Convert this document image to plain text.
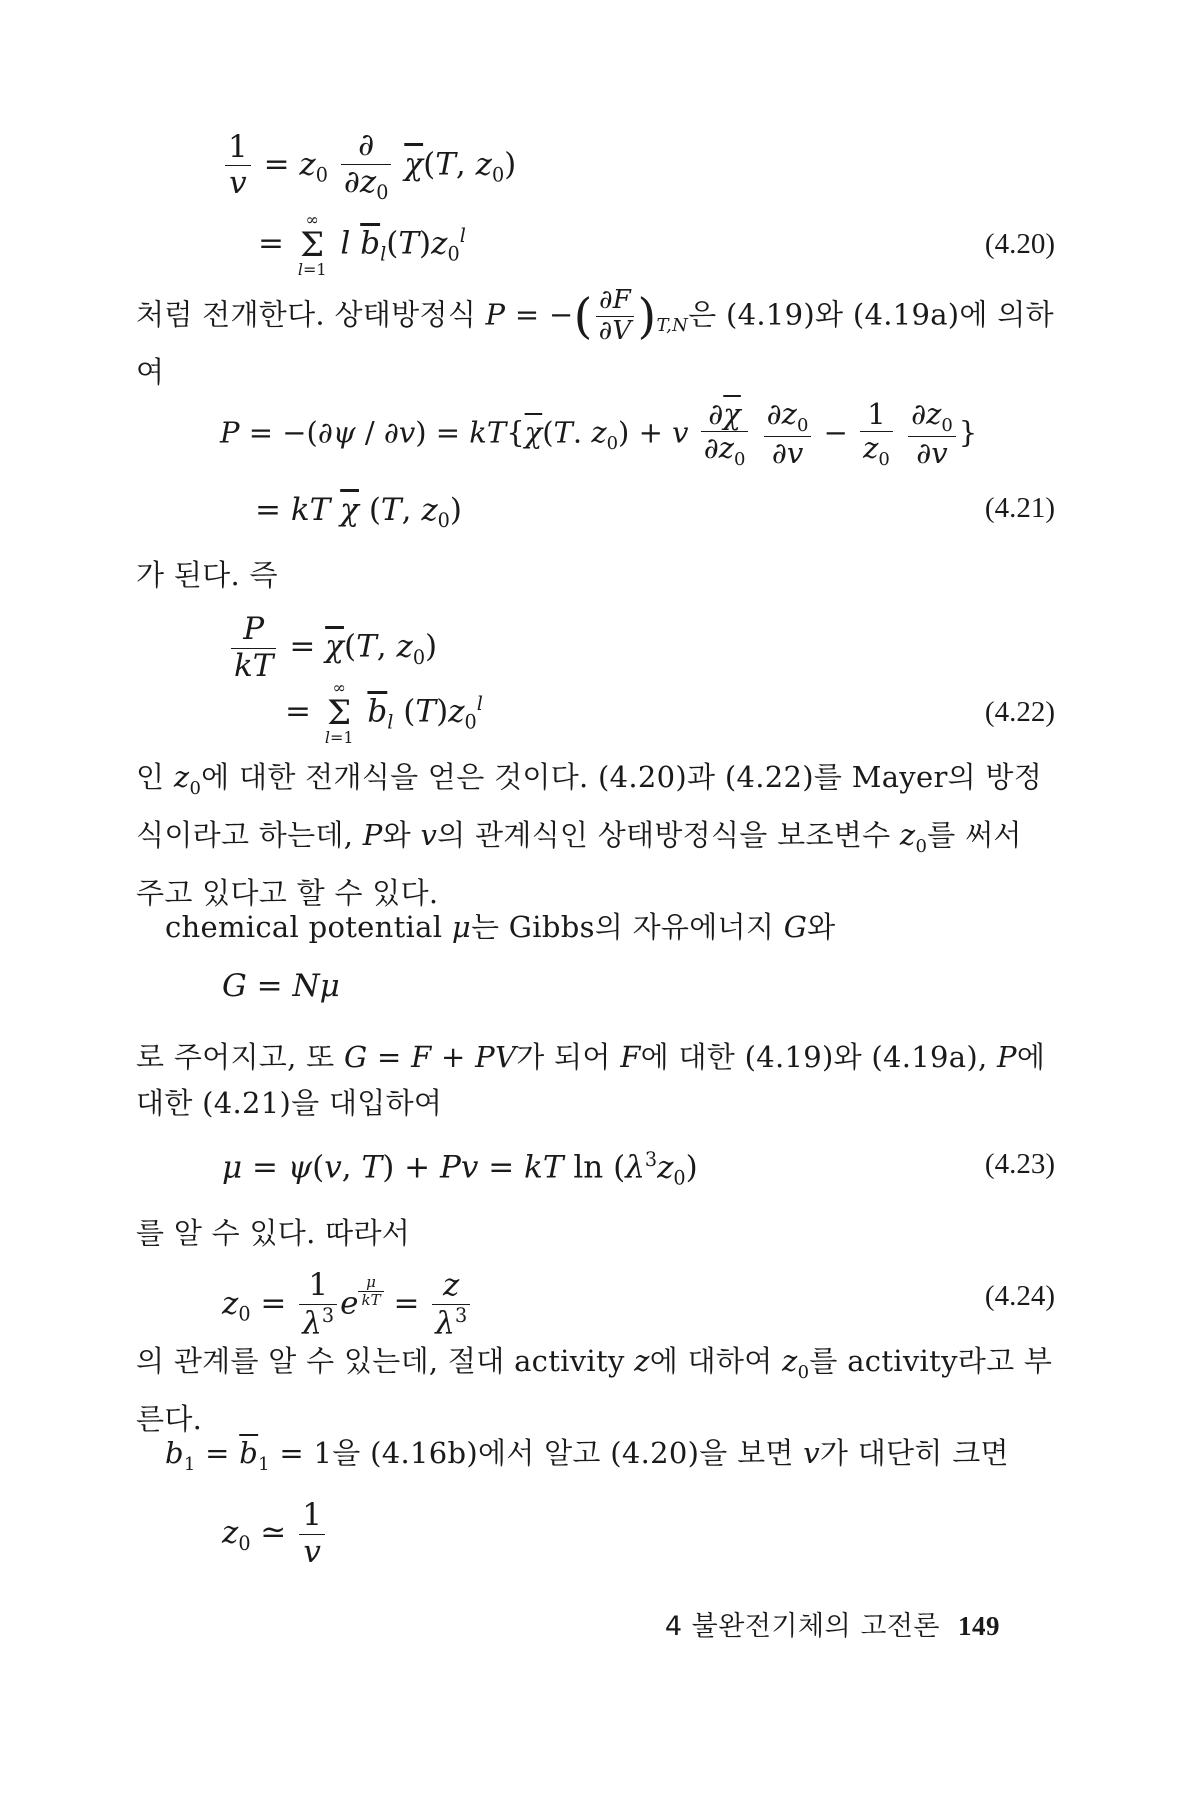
$\frac{1}{v} = z_0 \frac{\partial}{\partial z_0} \overline{\chi}(T$, $z_0$)
= ∞
Σ
l=1 l $\overline{b}_l(T)z_0^l$	(4.20)
처럼 전개한다. 상태방정식 P = −( $\frac{\partial F}{\partial V} )_{T,N}$은 (4.19)와 (4.19a)에 의하여
$P = -(\partial\psi / \partial v) = kT\{\overline{\chi}(T$. $z_0) + v \frac{\partial\overline{\chi}}{\partial z_0}$
$\frac{\partial z_0}{\partial v} - \frac{1}{z_0}$
$\frac{\partial z_0}{\partial v}$ }
= kT $\overline{\chi}$ (T, $z_0$)	(4.21)
가 된다. 즉
$\frac{P}{kT} = \overline{\chi}(T$, $z_0$)
= ∞
Σ
l=1 $\overline{b}_l$ $(T)z_0^l$	(4.22)
인 $z_0$에 대한 전개식을 얻은 것이다. (4.20)과 (4.22)를 Mayer의 방정식이라고 하는데, P와 v의 관계식인 상태방정식을 보조변수 $z_0$를 써서 주고 있다고 할 수 있다.
chemical potential μ는 Gibbs의 자유에너지 G와
G = Nμ
로 주어지고, 또 G = F + PV가 되어 F에 대한 (4.19)와 (4.19a), P에 대한 (4.21)을 대입하여
μ = ψ(v, T) + Pv = kT $\ln (\lambda^3z_0)$	(4.23)
를 알 수 있다. 따라서
$z_0 = \frac{1}{\lambda^3}$ e $^{\frac{\mu}{kT}} = \frac{z}{\lambda^3}$	(4.24)
의 관계를 알 수 있는데, 절대 activity z에 대하여 $z_0$를 activity라고 부른다.
$b_1 = \overline{b}_1 = 1$을 (4.16b)에서 알고 (4.20)을 보면 v가 대단히 크면
$z_0$ ≃ $\frac{1}{v}$
4 불완전기체의 고전론 149
